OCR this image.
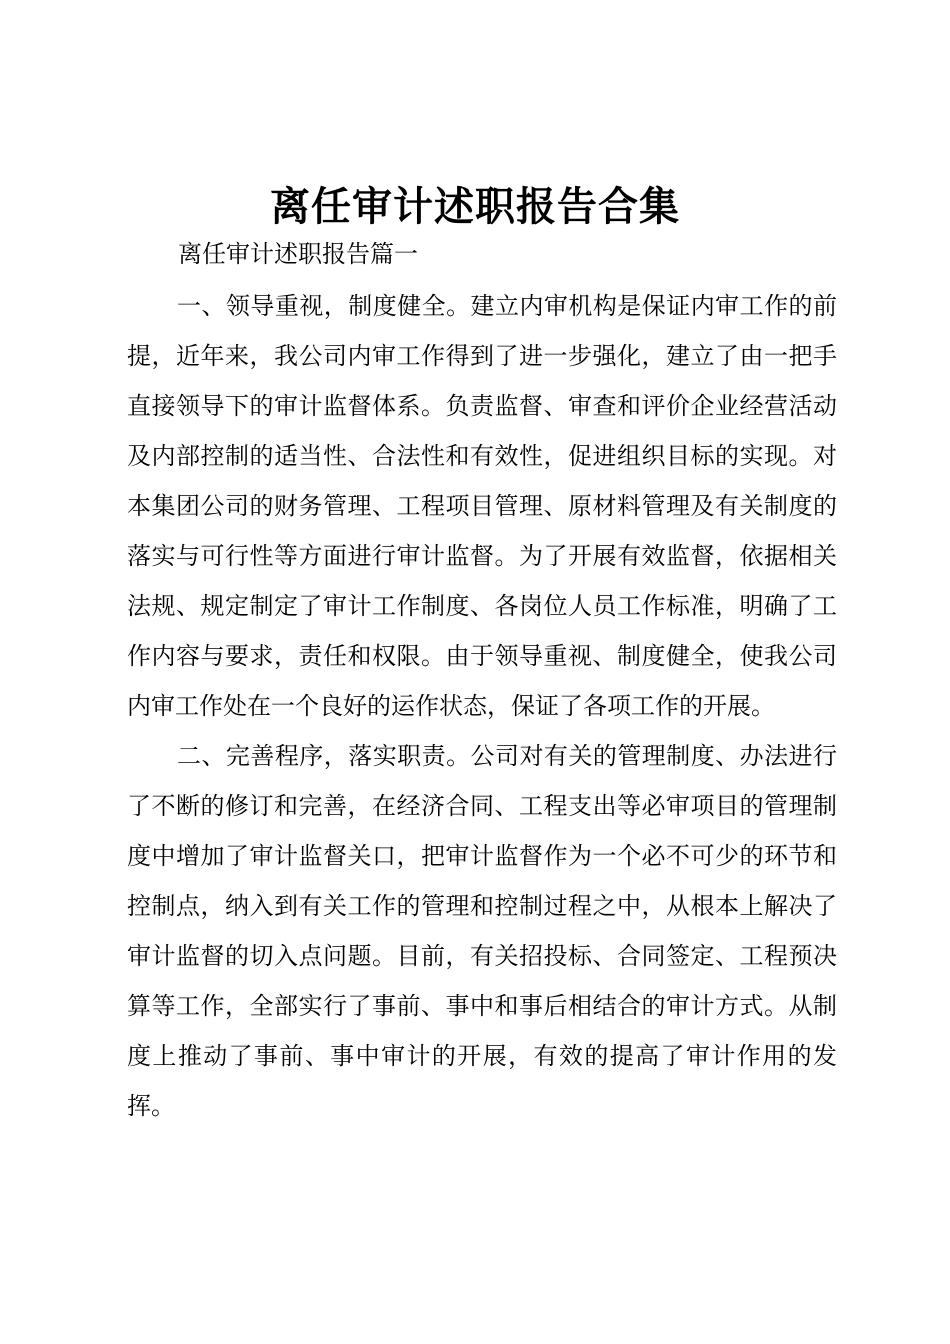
离任审计述职报告合集

离任审计述职报告篇一

一、领导重视，制度健全。建立内审机构是保证内审工作的前提，近年来，我公司内审工作得到了进一步强化，建立了由一把手直接领导下的审计监督体系。负责监督、审查和评价企业经营活动及内部控制的适当性、合法性和有效性，促进组织目标的实现。对本集团公司的财务管理、工程项目管理、原材料管理及有关制度的落实与可行性等方面进行审计监督。为了开展有效监督，依据相关法规、规定制定了审计工作制度、各岗位人员工作标准，明确了工作内容与要求，责任和权限。由于领导重视、制度健全，使我公司内审工作处在一个良好的运作状态，保证了各项工作的开展。

二、完善程序，落实职责。公司对有关的管理制度、办法进行了不断的修订和完善，在经济合同、工程支出等必审项目的管理制度中增加了审计监督关口，把审计监督作为一个必不可少的环节和控制点，纳入到有关工作的管理和控制过程之中，从根本上解决了审计监督的切入点问题。目前，有关招投标、合同签定、工程预决算等工作，全部实行了事前、事中和事后相结合的审计方式。从制度上推动了事前、事中审计的开展，有效的提高了审计作用的发挥。
